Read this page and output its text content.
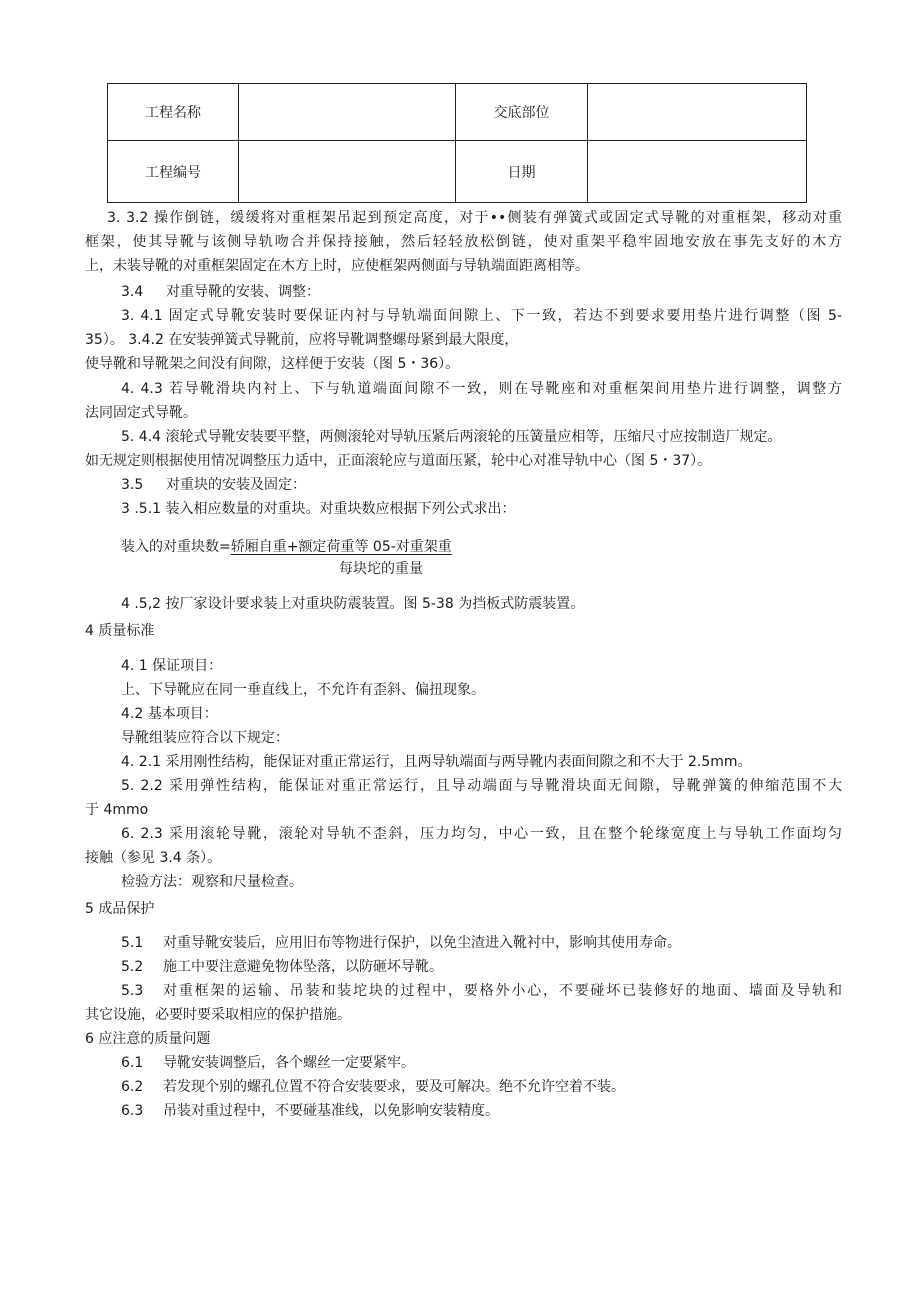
工程名称		交底部位	
工程编号		日期	

3. 3.2 操作倒链，缓缓将对重框架吊起到预定高度，对于••侧装有弹簧式或固定式导靴的对重框架，移动对重

框架，使其导靴与该侧导轨吻合并保持接触，然后轻轻放松倒链，使对重架平稳牢固地安放在事先支好的木方

上，未装导靴的对重框架固定在木方上时，应使框架两侧面与导轨端面距离相等。

3.4 对重导靴的安装、调整：

3. 4.1 固定式导靴安装时要保证内衬与导轨端面间隙上、下一致，若达不到要求要用垫片进行调整（图 5-

35）。 3.4.2 在安装弹簧式导靴前，应将导靴调整螺母紧到最大限度，

使导靴和导靴架之间没有间隙，这样便于安装（图 5・36）。

4. 4.3 若导靴滑块内衬上、下与轨道端面间隙不一致，则在导靴座和对重框架间用垫片进行调整，调整方

法同固定式导靴。

5. 4.4 滚轮式导靴安装要平整，两侧滚轮对导轨压紧后两滚轮的压簧量应相等，压缩尺寸应按制造厂规定。

如无规定则根据使用情况调整压力适中，正面滚轮应与道面压紧，轮中心对准导轨中心（图 5・37）。

3.5 对重块的安装及固定：

3 .5.1 装入相应数量的对重块。对重块数应根据下列公式求出：

装入的对重块数=轿厢自重+额定荷重等 05-对重架重

每块坨的重量

4 .5,2 按厂家设计要求装上对重块防震装置。图 5-38 为挡板式防震装置。

4 质量标准

4. 1 保证项目：

上、下导靴应在同一垂直线上，不允许有歪斜、偏扭现象。

4.2 基本项目：

导靴组装应符合以下规定：

4. 2.1 采用刚性结构，能保证对重正常运行，且两导轨端面与两导靴内表面间隙之和不大于 2.5mm。

5. 2.2 采用弹性结构，能保证对重正常运行，且导动端面与导靴滑块面无间隙，导靴弹簧的伸缩范围不大

于 4mmo

6. 2.3 采用滚轮导靴，滚轮对导轨不歪斜，压力均匀，中心一致，且在整个轮缘宽度上与导轨工作面均匀

接触（参见 3.4 条）。

检验方法：观察和尺量检查。

5 成品保护

5.1 对重导靴安装后，应用旧布等物进行保护，以免尘渣进入靴衬中，影响其使用寿命。
5.2 施工中要注意避免物体坠落，以防砸坏导靴。
5.3 对重框架的运输、吊装和装坨块的过程中，要格外小心，不要碰坏已装修好的地面、墙面及导轨和

其它设施，必要时要采取相应的保护措施。

6 应注意的质量问题

6.1 导靴安装调整后，各个螺丝一定要紧牢。
6.2 若发现个别的螺孔位置不符合安装要求，要及可解决。绝不允许空着不装。
6.3 吊装对重过程中，不要碰基准线，以免影响安装精度。
